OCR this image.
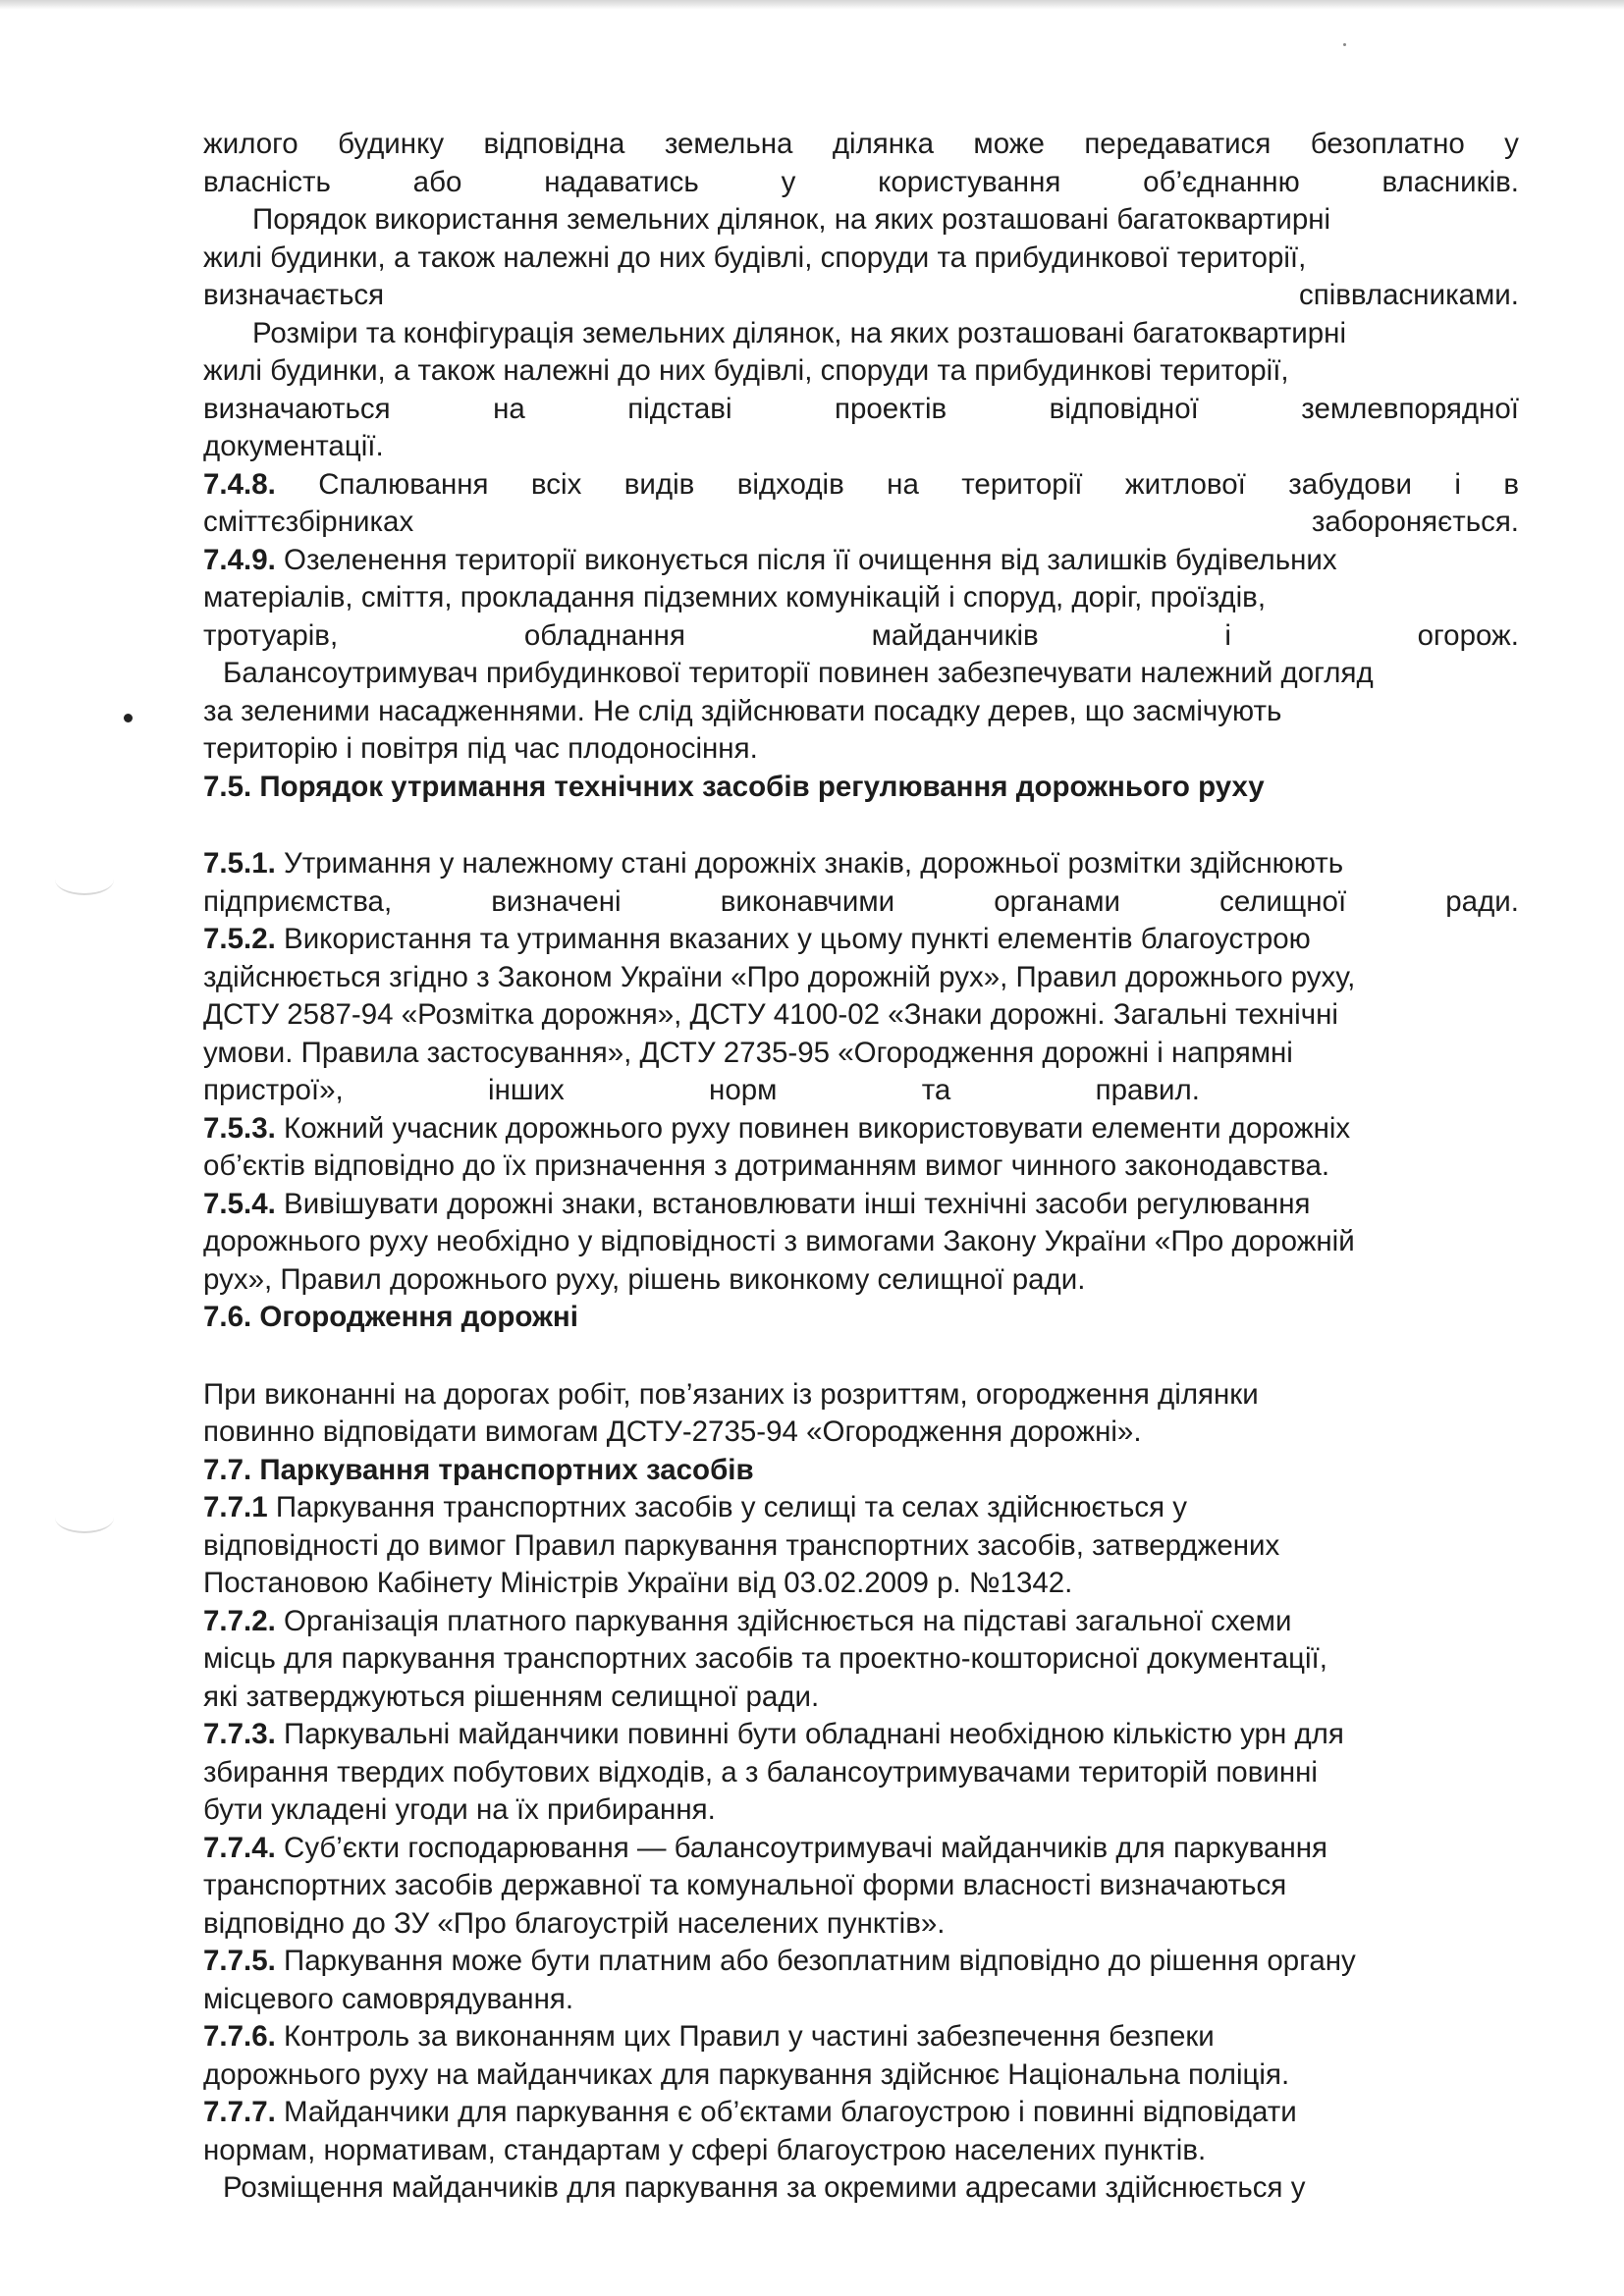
жилого будинку відповідна земельна ділянка може передаватися безоплатно у
власність	або	надаватись	у	користування	об’єднанню	власників.
Порядок використання земельних ділянок, на яких розташовані багатоквартирні
жилі будинки, а також належні до них будівлі, споруди та прибудинкової території,
визначається	співвласниками.
Розміри та конфігурація земельних ділянок, на яких розташовані багатоквартирні
жилі будинки, а також належні до них будівлі, споруди та прибудинкові території,
визначаються	на	підставі	проектів	відповідної	землевпорядної
документації.
7.4.8. Спалювання всіх видів відходів на території житлової забудови і в
сміттєзбірниках	забороняється.
7.4.9. Озеленення території виконується після її очищення від залишків будівельних
матеріалів, сміття, прокладання підземних комунікацій і споруд, доріг, проїздів,
тротуарів,	обладнання	майданчиків	і	огорож.
Балансоутримувач прибудинкової території повинен забезпечувати належний догляд
за зеленими насадженнями. Не слід здійснювати посадку дерев, що засмічують
територію і повітря під час плодоносіння.
7.5. Порядок утримання технічних засобів регулювання дорожнього руху
7.5.1. Утримання у належному стані дорожніх знаків, дорожньої розмітки здійснюють
підприємства,	визначені	виконавчими	органами	селищної	ради.
7.5.2. Використання та утримання вказаних у цьому пункті елементів благоустрою
здійснюється згідно з Законом України «Про дорожній рух», Правил дорожнього руху,
ДСТУ 2587-94 «Розмітка дорожня», ДСТУ 4100-02 «Знаки дорожні. Загальні технічні
умови. Правила застосування», ДСТУ 2735-95 «Огородження дорожні і напрямні
пристрої»,	інших	норм	та	правил.
7.5.3. Кожний учасник дорожнього руху повинен використовувати елементи дорожніх
об’єктів відповідно до їх призначення з дотриманням вимог чинного законодавства.
7.5.4. Вивішувати дорожні знаки, встановлювати інші технічні засоби регулювання
дорожнього руху необхідно у відповідності з вимогами Закону України «Про дорожній
рух», Правил дорожнього руху, рішень виконкому селищної ради.
7.6. Огородження дорожні
При виконанні на дорогах робіт, пов’язаних із розриттям, огородження ділянки
повинно відповідати вимогам ДСТУ-2735-94 «Огородження дорожні».
7.7. Паркування транспортних засобів
7.7.1 Паркування транспортних засобів у селищі та селах здійснюється у
відповідності до вимог Правил паркування транспортних засобів, затверджених
Постановою Кабінету Міністрів України від 03.02.2009 р. №1342.
7.7.2. Організація платного паркування здійснюється на підставі загальної схеми
місць для паркування транспортних засобів та проектно-кошторисної документації,
які затверджуються рішенням селищної ради.
7.7.3. Паркувальні майданчики повинні бути обладнані необхідною кількістю урн для
збирання твердих побутових відходів, а з балансоутримувачами територій повинні
бути укладені угоди на їх прибирання.
7.7.4. Суб’єкти господарювання — балансоутримувачі майданчиків для паркування
транспортних засобів державної та комунальної форми власності визначаються
відповідно до ЗУ «Про благоустрій населених пунктів».
7.7.5. Паркування може бути платним або безоплатним відповідно до рішення органу
місцевого самоврядування.
7.7.6. Контроль за виконанням цих Правил у частині забезпечення безпеки
дорожнього руху на майданчиках для паркування здійснює Національна поліція.
7.7.7. Майданчики для паркування є об’єктами благоустрою і повинні відповідати
нормам, нормативам, стандартам у сфері благоустрою населених пунктів.
Розміщення майданчиків для паркування за окремими адресами здійснюється у
